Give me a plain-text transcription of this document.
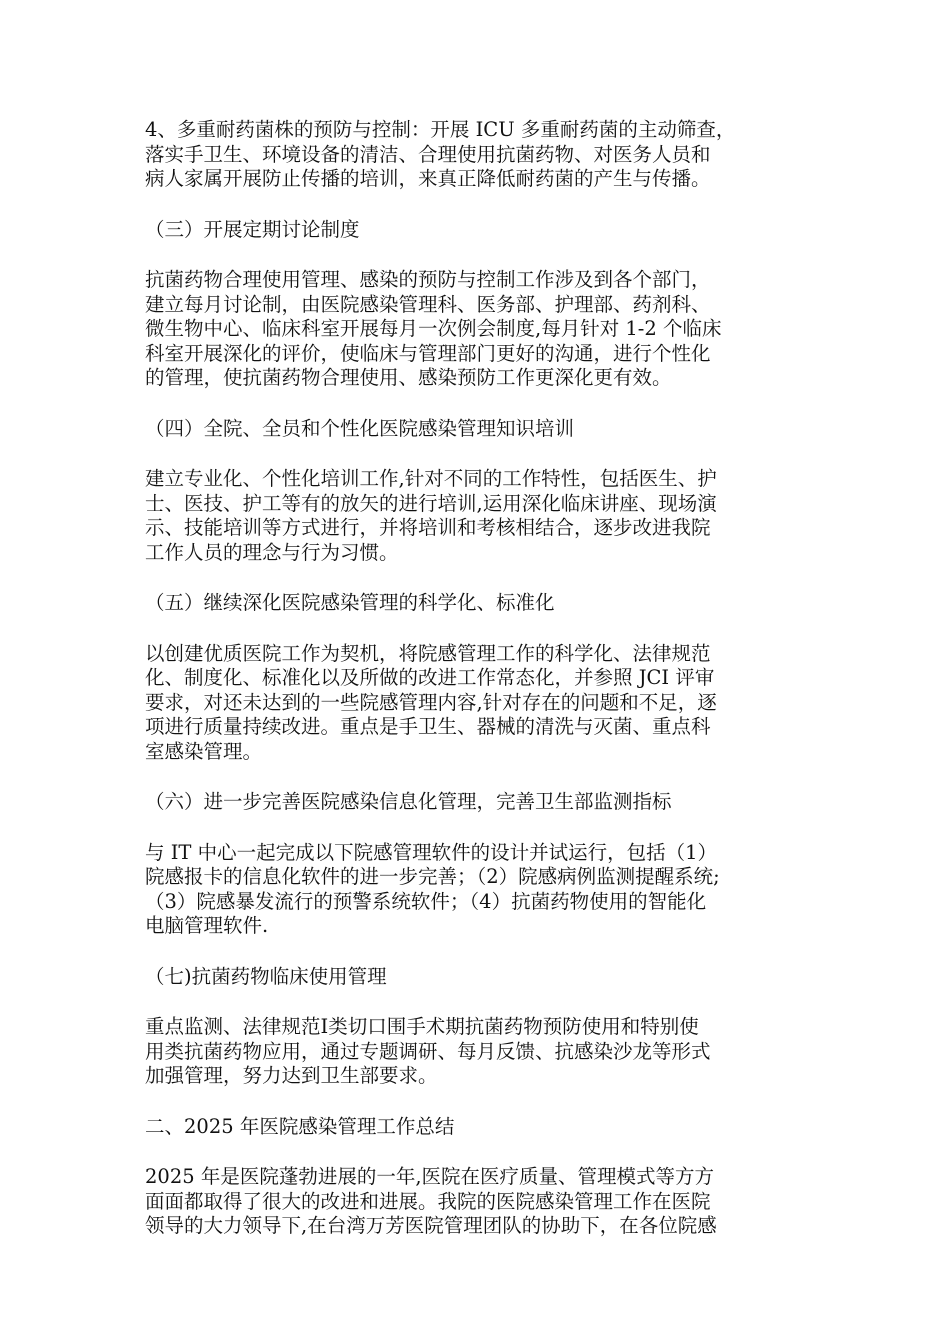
4、多重耐药菌株的预防与控制：开展 ICU 多重耐药菌的主动筛查，
落实手卫生、环境设备的清洁、合理使用抗菌药物、对医务人员和
病人家属开展防止传播的培训，来真正降低耐药菌的产生与传播。
（三）开展定期讨论制度
抗菌药物合理使用管理、感染的预防与控制工作涉及到各个部门，
建立每月讨论制，由医院感染管理科、医务部、护理部、药剂科、
微生物中心、临床科室开展每月一次例会制度,每月针对 1-2 个临床
科室开展深化的评价，使临床与管理部门更好的沟通，进行个性化
的管理，使抗菌药物合理使用、感染预防工作更深化更有效。
（四）全院、全员和个性化医院感染管理知识培训
建立专业化、个性化培训工作,针对不同的工作特性，包括医生、护
士、医技、护工等有的放矢的进行培训,运用深化临床讲座、现场演
示、技能培训等方式进行，并将培训和考核相结合，逐步改进我院
工作人员的理念与行为习惯。
（五）继续深化医院感染管理的科学化、标准化
以创建优质医院工作为契机，将院感管理工作的科学化、法律规范
化、制度化、标准化以及所做的改进工作常态化，并参照 JCI 评审
要求，对还未达到的一些院感管理内容,针对存在的问题和不足，逐
项进行质量持续改进。重点是手卫生、器械的清洗与灭菌、重点科
室感染管理。
（六）进一步完善医院感染信息化管理，完善卫生部监测指标
与 IT 中心一起完成以下院感管理软件的设计并试运行，包括（1）
院感报卡的信息化软件的进一步完善；（2）院感病例监测提醒系统;
（3）院感暴发流行的预警系统软件；（4）抗菌药物使用的智能化
电脑管理软件.
（七)抗菌药物临床使用管理
重点监测、法律规范Ⅰ类切口围手术期抗菌药物预防使用和特别使
用类抗菌药物应用，通过专题调研、每月反馈、抗感染沙龙等形式
加强管理，努力达到卫生部要求。
二、2025 年医院感染管理工作总结
2025 年是医院蓬勃进展的一年,医院在医疗质量、管理模式等方方
面面都取得了很大的改进和进展。我院的医院感染管理工作在医院
领导的大力领导下,在台湾万芳医院管理团队的协助下，在各位院感
